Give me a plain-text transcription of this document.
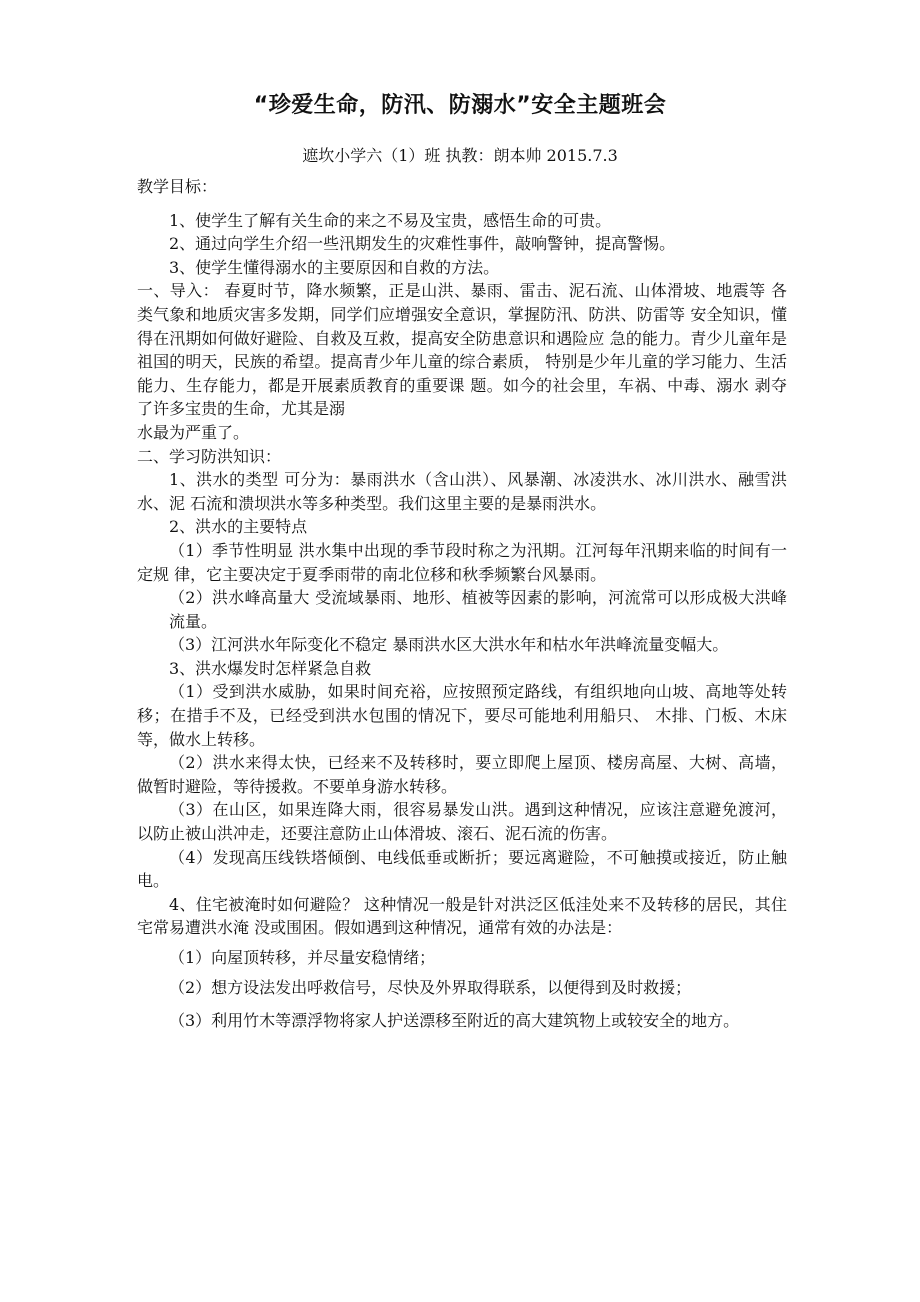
“珍爱生命，防汛、防溺水”安全主题班会

遮坎小学六（1）班 执教：朗本帅 2015.7.3

教学目标：

1、使学生了解有关生命的来之不易及宝贵，感悟生命的可贵。

2、通过向学生介绍一些汛期发生的灾难性事件，敲响警钟，提高警惕。

3、使学生懂得溺水的主要原因和自救的方法。

一、导入： 春夏时节，降水频繁，正是山洪、暴雨、雷击、泥石流、山体滑坡、地震等 各类气象和地质灾害多发期，同学们应增强安全意识，掌握防汛、防洪、防雷等 安全知识，懂得在汛期如何做好避险、自救及互救，提高安全防患意识和遇险应 急的能力。青少儿童年是祖国的明天，民族的希望。提高青少年儿童的综合素质， 特别是少年儿童的学习能力、生活能力、生存能力，都是开展素质教育的重要课 题。如今的社会里，车祸、中毒、溺水 剥夺了许多宝贵的生命，尤其是溺

水最为严重了。

二、学习防洪知识：

1、洪水的类型 可分为：暴雨洪水（含山洪）、风暴潮、冰凌洪水、冰川洪水、融雪洪水、泥 石流和溃坝洪水等多种类型。我们这里主要的是暴雨洪水。

2、洪水的主要特点

（1）季节性明显 洪水集中出现的季节段时称之为汛期。江河每年汛期来临的时间有一定规 律，它主要决定于夏季雨带的南北位移和秋季频繁台风暴雨。

（2）洪水峰高量大 受流域暴雨、地形、植被等因素的影响，河流常可以形成极大洪峰流量。

（3）江河洪水年际变化不稳定 暴雨洪水区大洪水年和枯水年洪峰流量变幅大。

3、洪水爆发时怎样紧急自救

（1）受到洪水威胁，如果时间充裕，应按照预定路线，有组织地向山坡、高地等处转移；在措手不及，已经受到洪水包围的情况下，要尽可能地利用船只、 木排、门板、木床等，做水上转移。

（2）洪水来得太快，已经来不及转移时，要立即爬上屋顶、楼房高屋、大树、高墙，做暂时避险，等待援救。不要单身游水转移。

（3）在山区，如果连降大雨，很容易暴发山洪。遇到这种情况，应该注意避免渡河，以防止被山洪冲走，还要注意防止山体滑坡、滚石、泥石流的伤害。

（4）发现高压线铁塔倾倒、电线低垂或断折；要远离避险，不可触摸或接近，防止触电。

4、住宅被淹时如何避险？ 这种情况一般是针对洪泛区低洼处来不及转移的居民，其住宅常易遭洪水淹 没或围困。假如遇到这种情况，通常有效的办法是：

（1）向屋顶转移，并尽量安稳情绪；

（2）想方设法发出呼救信号，尽快及外界取得联系，以便得到及时救援；

（3）利用竹木等漂浮物将家人护送漂移至附近的高大建筑物上或较安全的地方。
